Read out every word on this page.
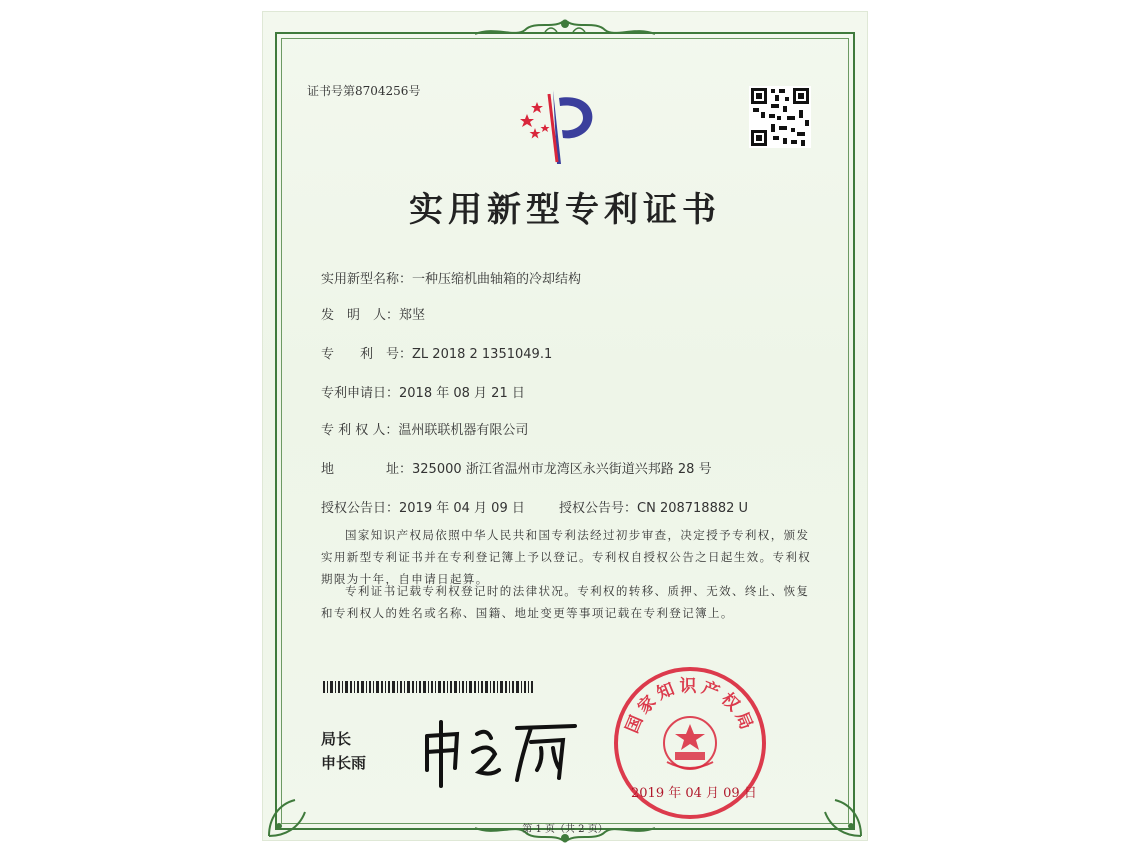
证书号第8704256号
实用新型专利证书
实用新型名称：一种压缩机曲轴箱的冷却结构
发　明　人：郑坚
专　　利　号：ZL 2018 2 1351049.1
专利申请日：2018 年 08 月 21 日
专 利 权 人：温州联联机器有限公司
地　　　　址：325000 浙江省温州市龙湾区永兴街道兴邦路 28 号
授权公告日：2019 年 04 月 09 日	授权公告号：CN 208718882 U
国家知识产权局依照中华人民共和国专利法经过初步审查，决定授予专利权，颁发实用新型专利证书并在专利登记簿上予以登记。专利权自授权公告之日起生效。专利权期限为十年，自申请日起算。
专利证书记载专利权登记时的法律状况。专利权的转移、质押、无效、终止、恢复和专利权人的姓名或名称、国籍、地址变更等事项记载在专利登记簿上。
局长
申长雨
国家知识产权局
2019 年 04 月 09 日
第 1 页（共 2 页）
